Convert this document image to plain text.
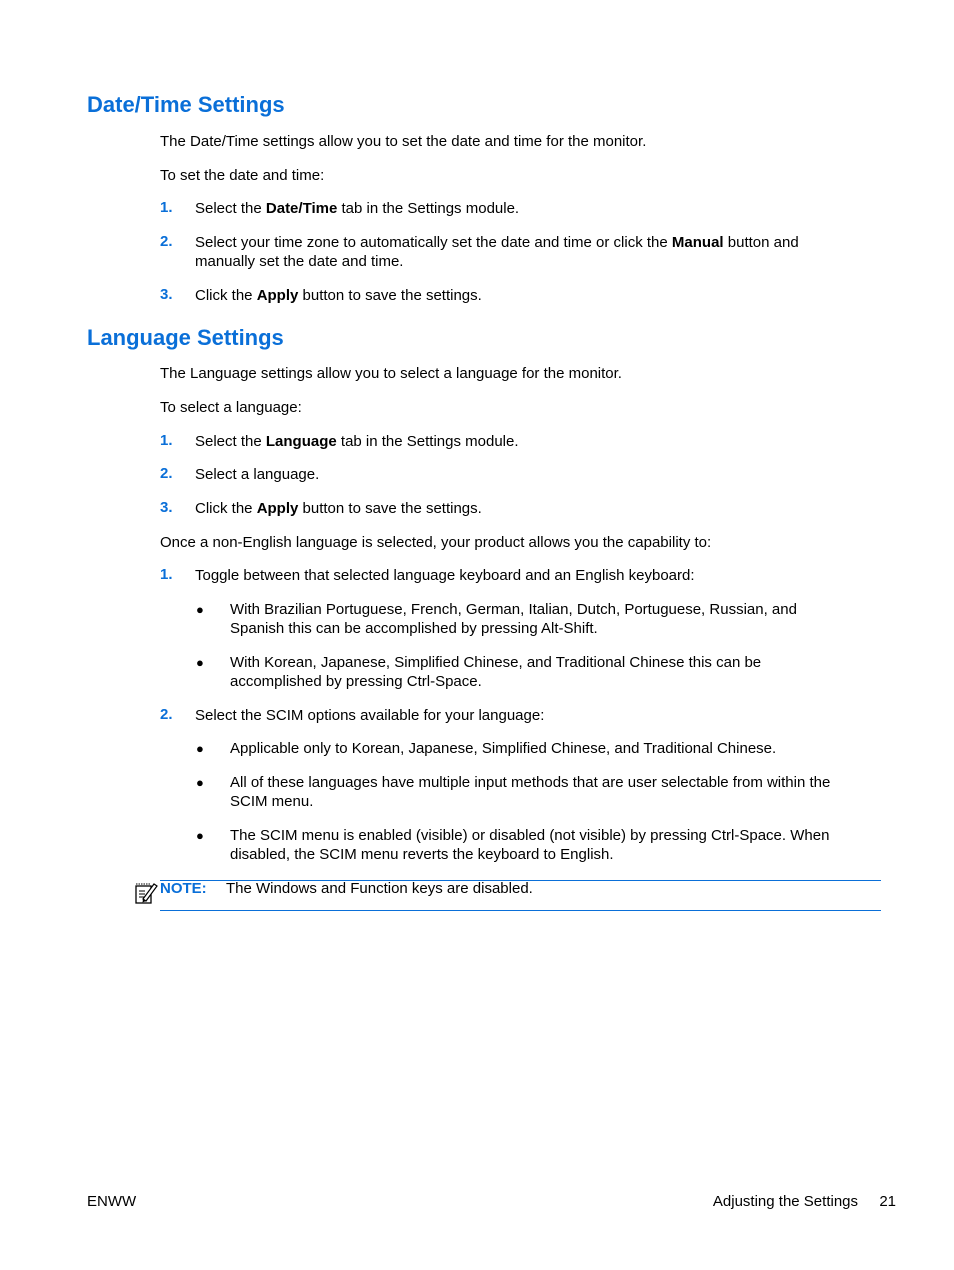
Date/Time Settings
The Date/Time settings allow you to set the date and time for the monitor.
To set the date and time:
1. Select the Date/Time tab in the Settings module.
2. Select your time zone to automatically set the date and time or click the Manual button and
manually set the date and time.
3. Click the Apply button to save the settings.
Language Settings
The Language settings allow you to select a language for the monitor.
To select a language:
1. Select the Language tab in the Settings module.
2. Select a language.
3. Click the Apply button to save the settings.
Once a non-English language is selected, your product allows you the capability to:
1. Toggle between that selected language keyboard and an English keyboard:
● With Brazilian Portuguese, French, German, Italian, Dutch, Portuguese, Russian, and
Spanish this can be accomplished by pressing Alt-Shift.
● With Korean, Japanese, Simplified Chinese, and Traditional Chinese this can be
accomplished by pressing Ctrl-Space.
2. Select the SCIM options available for your language:
● Applicable only to Korean, Japanese, Simplified Chinese, and Traditional Chinese.
● All of these languages have multiple input methods that are user selectable from within the
SCIM menu.
● The SCIM menu is enabled (visible) or disabled (not visible) by pressing Ctrl-Space. When
disabled, the SCIM menu reverts the keyboard to English.
NOTE: The Windows and Function keys are disabled.
ENWW	Adjusting the Settings 21
